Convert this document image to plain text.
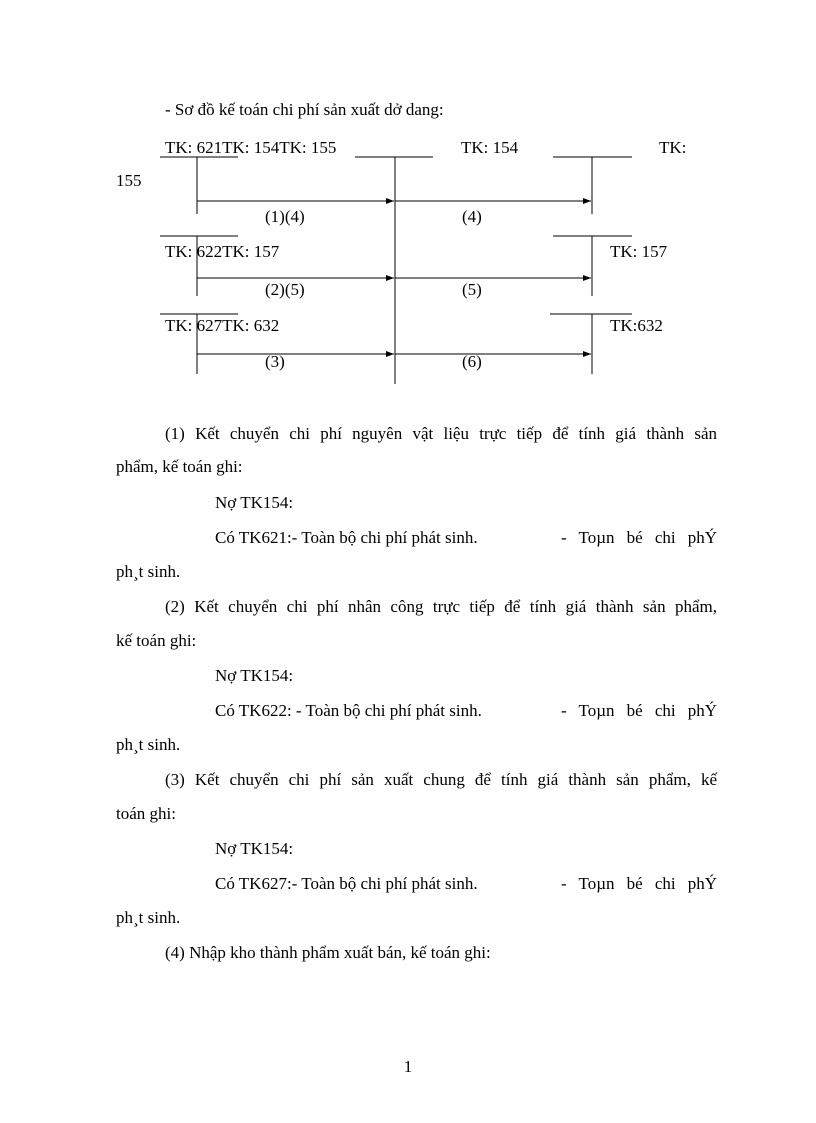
- Sơ đồ kế toán chi phí sản xuất dở dang:
TK: 621TK: 154TK: 155	TK: 154	TK:
155
(1)(4)	(4)
TK: 622TK: 157	TK: 157
(2)(5)	(5)
TK: 627TK: 632	TK:632
(3)	(6)
(1) Kết chuyển chi phí nguyên vật liệu trực tiếp để tính giá thành sản
phẩm, kế toán ghi:
Nợ TK154:
Có TK621:- Toàn bộ chi phí phát sinh.	- Toµn bé chi phÝ
ph¸t sinh.
(2) Kết chuyển chi phí nhân công trực tiếp để tính giá thành sản phẩm,
kế toán ghi:
Nợ TK154:
Có TK622: - Toàn bộ chi phí phát sinh.	- Toµn bé chi phÝ
ph¸t sinh.
(3) Kết chuyển chi phí sản xuất chung để tính giá thành sản phẩm, kế
toán ghi:
Nợ TK154:
Có TK627:- Toàn bộ chi phí phát sinh.	- Toµn bé chi phÝ
ph¸t sinh.
(4) Nhập kho thành phẩm xuất bán, kế toán ghi:
1
